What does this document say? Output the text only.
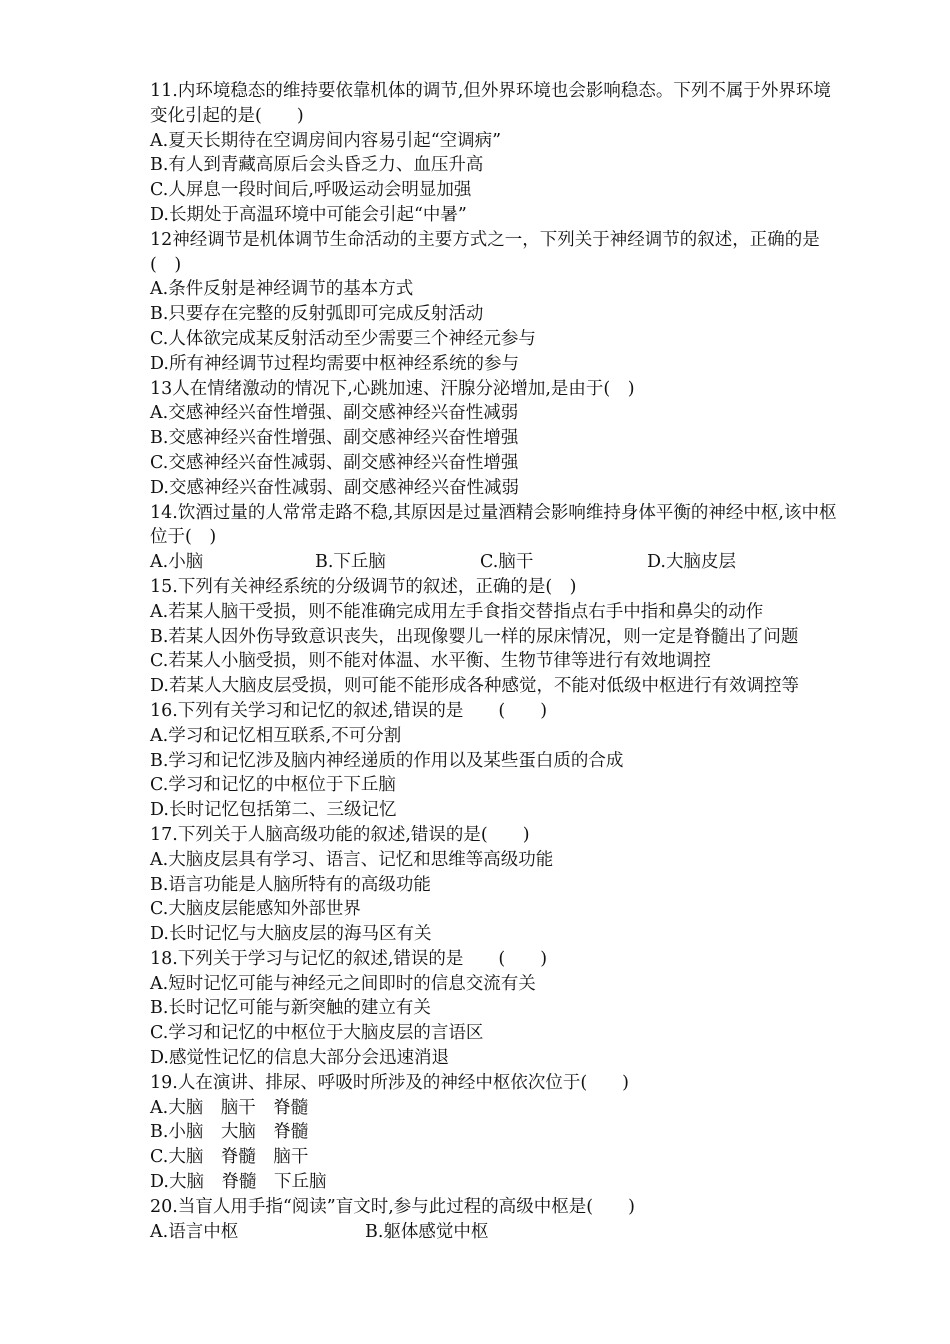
11.内环境稳态的维持要依靠机体的调节,但外界环境也会影响稳态。下列不属于外界环境
变化引起的是(　　)
A.夏天长期待在空调房间内容易引起“空调病”
B.有人到青藏高原后会头昏乏力、血压升高
C.人屏息一段时间后,呼吸运动会明显加强
D.长期处于高温环境中可能会引起“中暑”
12神经调节是机体调节生命活动的主要方式之一，下列关于神经调节的叙述，正确的是
(　)
A.条件反射是神经调节的基本方式
B.只要存在完整的反射弧即可完成反射活动
C.人体欲完成某反射活动至少需要三个神经元参与
D.所有神经调节过程均需要中枢神经系统的参与
13人在情绪激动的情况下,心跳加速、汗腺分泌增加,是由于(　)
A.交感神经兴奋性增强、副交感神经兴奋性减弱
B.交感神经兴奋性增强、副交感神经兴奋性增强
C.交感神经兴奋性减弱、副交感神经兴奋性增强
D.交感神经兴奋性减弱、副交感神经兴奋性减弱
14.饮酒过量的人常常走路不稳,其原因是过量酒精会影响维持身体平衡的神经中枢,该中枢
位于(　)
A.小脑	B.下丘脑	C.脑干	D.大脑皮层
15.下列有关神经系统的分级调节的叙述，正确的是(　)
A.若某人脑干受损，则不能准确完成用左手食指交替指点右手中指和鼻尖的动作
B.若某人因外伤导致意识丧失，出现像婴儿一样的尿床情况，则一定是脊髓出了问题
C.若某人小脑受损，则不能对体温、水平衡、生物节律等进行有效地调控
D.若某人大脑皮层受损，则可能不能形成各种感觉，不能对低级中枢进行有效调控等
16.下列有关学习和记忆的叙述,错误的是　　(　　)
A.学习和记忆相互联系,不可分割
B.学习和记忆涉及脑内神经递质的作用以及某些蛋白质的合成
C.学习和记忆的中枢位于下丘脑
D.长时记忆包括第二、三级记忆
17.下列关于人脑高级功能的叙述,错误的是(　　)
A.大脑皮层具有学习、语言、记忆和思维等高级功能
B.语言功能是人脑所特有的高级功能
C.大脑皮层能感知外部世界
D.长时记忆与大脑皮层的海马区有关
18.下列关于学习与记忆的叙述,错误的是　　(　　)
A.短时记忆可能与神经元之间即时的信息交流有关
B.长时记忆可能与新突触的建立有关
C.学习和记忆的中枢位于大脑皮层的言语区
D.感觉性记忆的信息大部分会迅速消退
19.人在演讲、排尿、呼吸时所涉及的神经中枢依次位于(　　)
A.大脑　脑干　脊髓
B.小脑　大脑　脊髓
C.大脑　脊髓　脑干
D.大脑　脊髓　下丘脑
20.当盲人用手指“阅读”盲文时,参与此过程的高级中枢是(　　)
A.语言中枢	B.躯体感觉中枢
